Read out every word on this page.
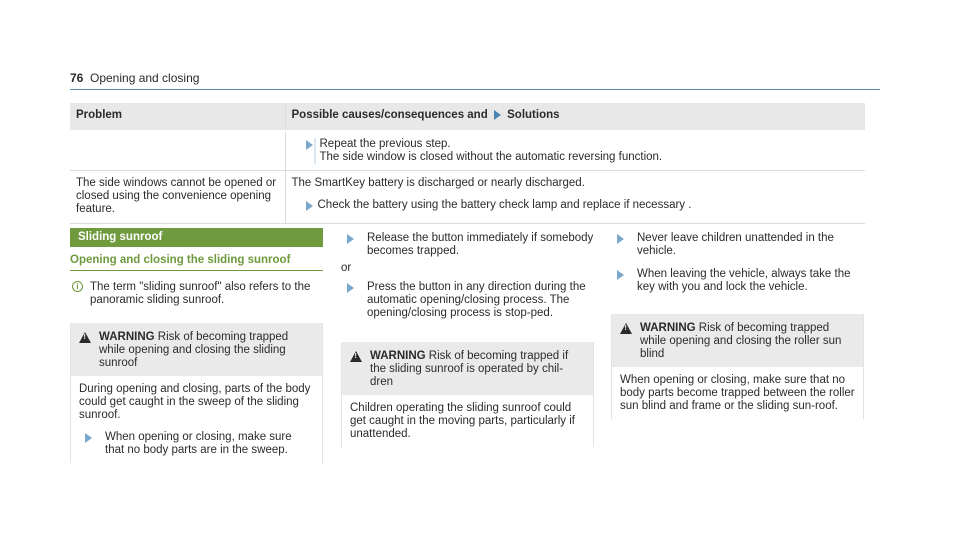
76 Opening and closing
Problem	Possible causes/consequences and Solutions

	Repeat the previous step.
The side window is closed without the automatic reversing function.

The side windows cannot be opened or closed using the convenience opening feature.	The SmartKey battery is discharged or nearly discharged.
Check the battery using the battery check lamp and replace if necessary .
Sliding sunroof
Opening and closing the sliding sunroof
i The term "sliding sunroof" also refers to the panoramic sliding sunroof.
!
WARNING Risk of becoming trapped while opening and closing the sliding sunroof
During opening and closing, parts of the body could get caught in the sweep of the sliding sunroof.
When opening or closing, make sure that no body parts are in the sweep.
Release the button immediately if somebody becomes trapped.
or
Press the button in any direction during the automatic opening/closing process. The opening/closing process is stop-ped.
!
WARNING Risk of becoming trapped if the sliding sunroof is operated by chil-dren
Children operating the sliding sunroof could get caught in the moving parts, particularly if unattended.
Never leave children unattended in the vehicle.
When leaving the vehicle, always take the key with you and lock the vehicle.
!
WARNING Risk of becoming trapped while opening and closing the roller sun blind
When opening or closing, make sure that no body parts become trapped between the roller sun blind and frame or the sliding sun-roof.
